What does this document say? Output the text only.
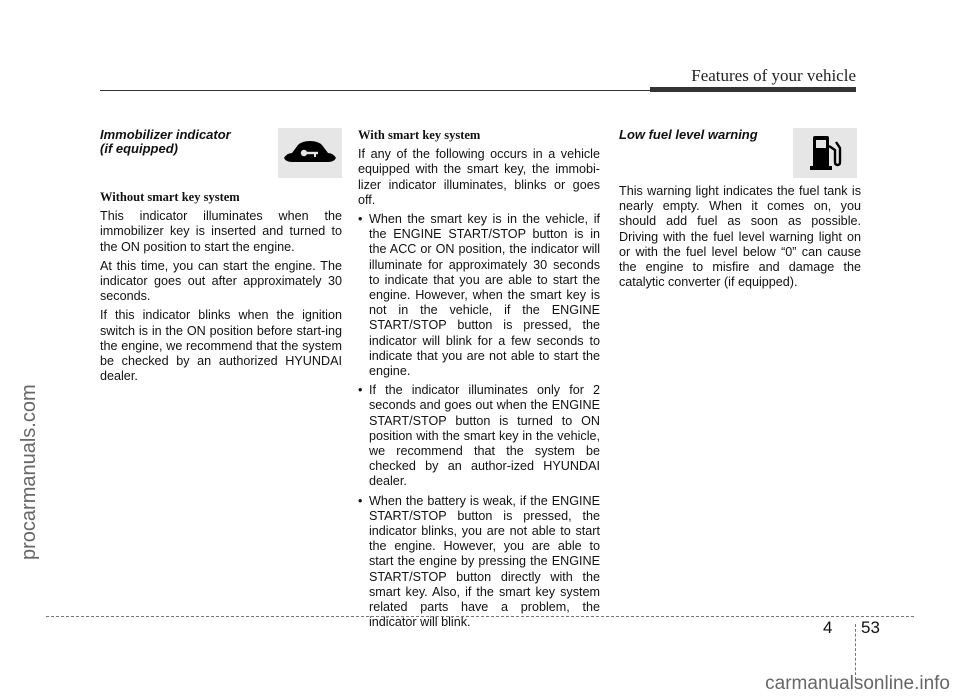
Features of your vehicle
procarmanuals.com
Immobilizer indicator
(if equipped)
Without smart key system

This indicator illuminates when the immobilizer key is inserted and turned to the ON position to start the engine.

At this time, you can start the engine. The indicator goes out after approximately 30 seconds.

If this indicator blinks when the ignition switch is in the ON position before start-ing the engine, we recommend that the system be checked by an authorized HYUNDAI dealer.

With smart key system

If any of the following occurs in a vehicle equipped with the smart key, the immobi-lizer indicator illuminates, blinks or goes off.

• When the smart key is in the vehicle, if the ENGINE START/STOP button is in the ACC or ON position, the indicator will illuminate for approximately 30 seconds to indicate that you are able to start the engine. However, when the smart key is not in the vehicle, if the ENGINE START/STOP button is pressed, the indicator will blink for a few seconds to indicate that you are not able to start the engine.
• If the indicator illuminates only for 2 seconds and goes out when the ENGINE START/STOP button is turned to ON position with the smart key in the vehicle, we recommend that the system be checked by an author-ized HYUNDAI dealer.
• When the battery is weak, if the ENGINE START/STOP button is pressed, the indicator blinks, you are not able to start the engine. However, you are able to start the engine by pressing the ENGINE START/STOP button directly with the smart key. Also, if the smart key system related parts have a problem, the indicator will blink.
Low fuel level warning

This warning light indicates the fuel tank is nearly empty. When it comes on, you should add fuel as soon as possible. Driving with the fuel level warning light on or with the fuel level below “0” can cause the engine to misfire and damage the catalytic converter (if equipped).

4 53
carmanualsonline.info
